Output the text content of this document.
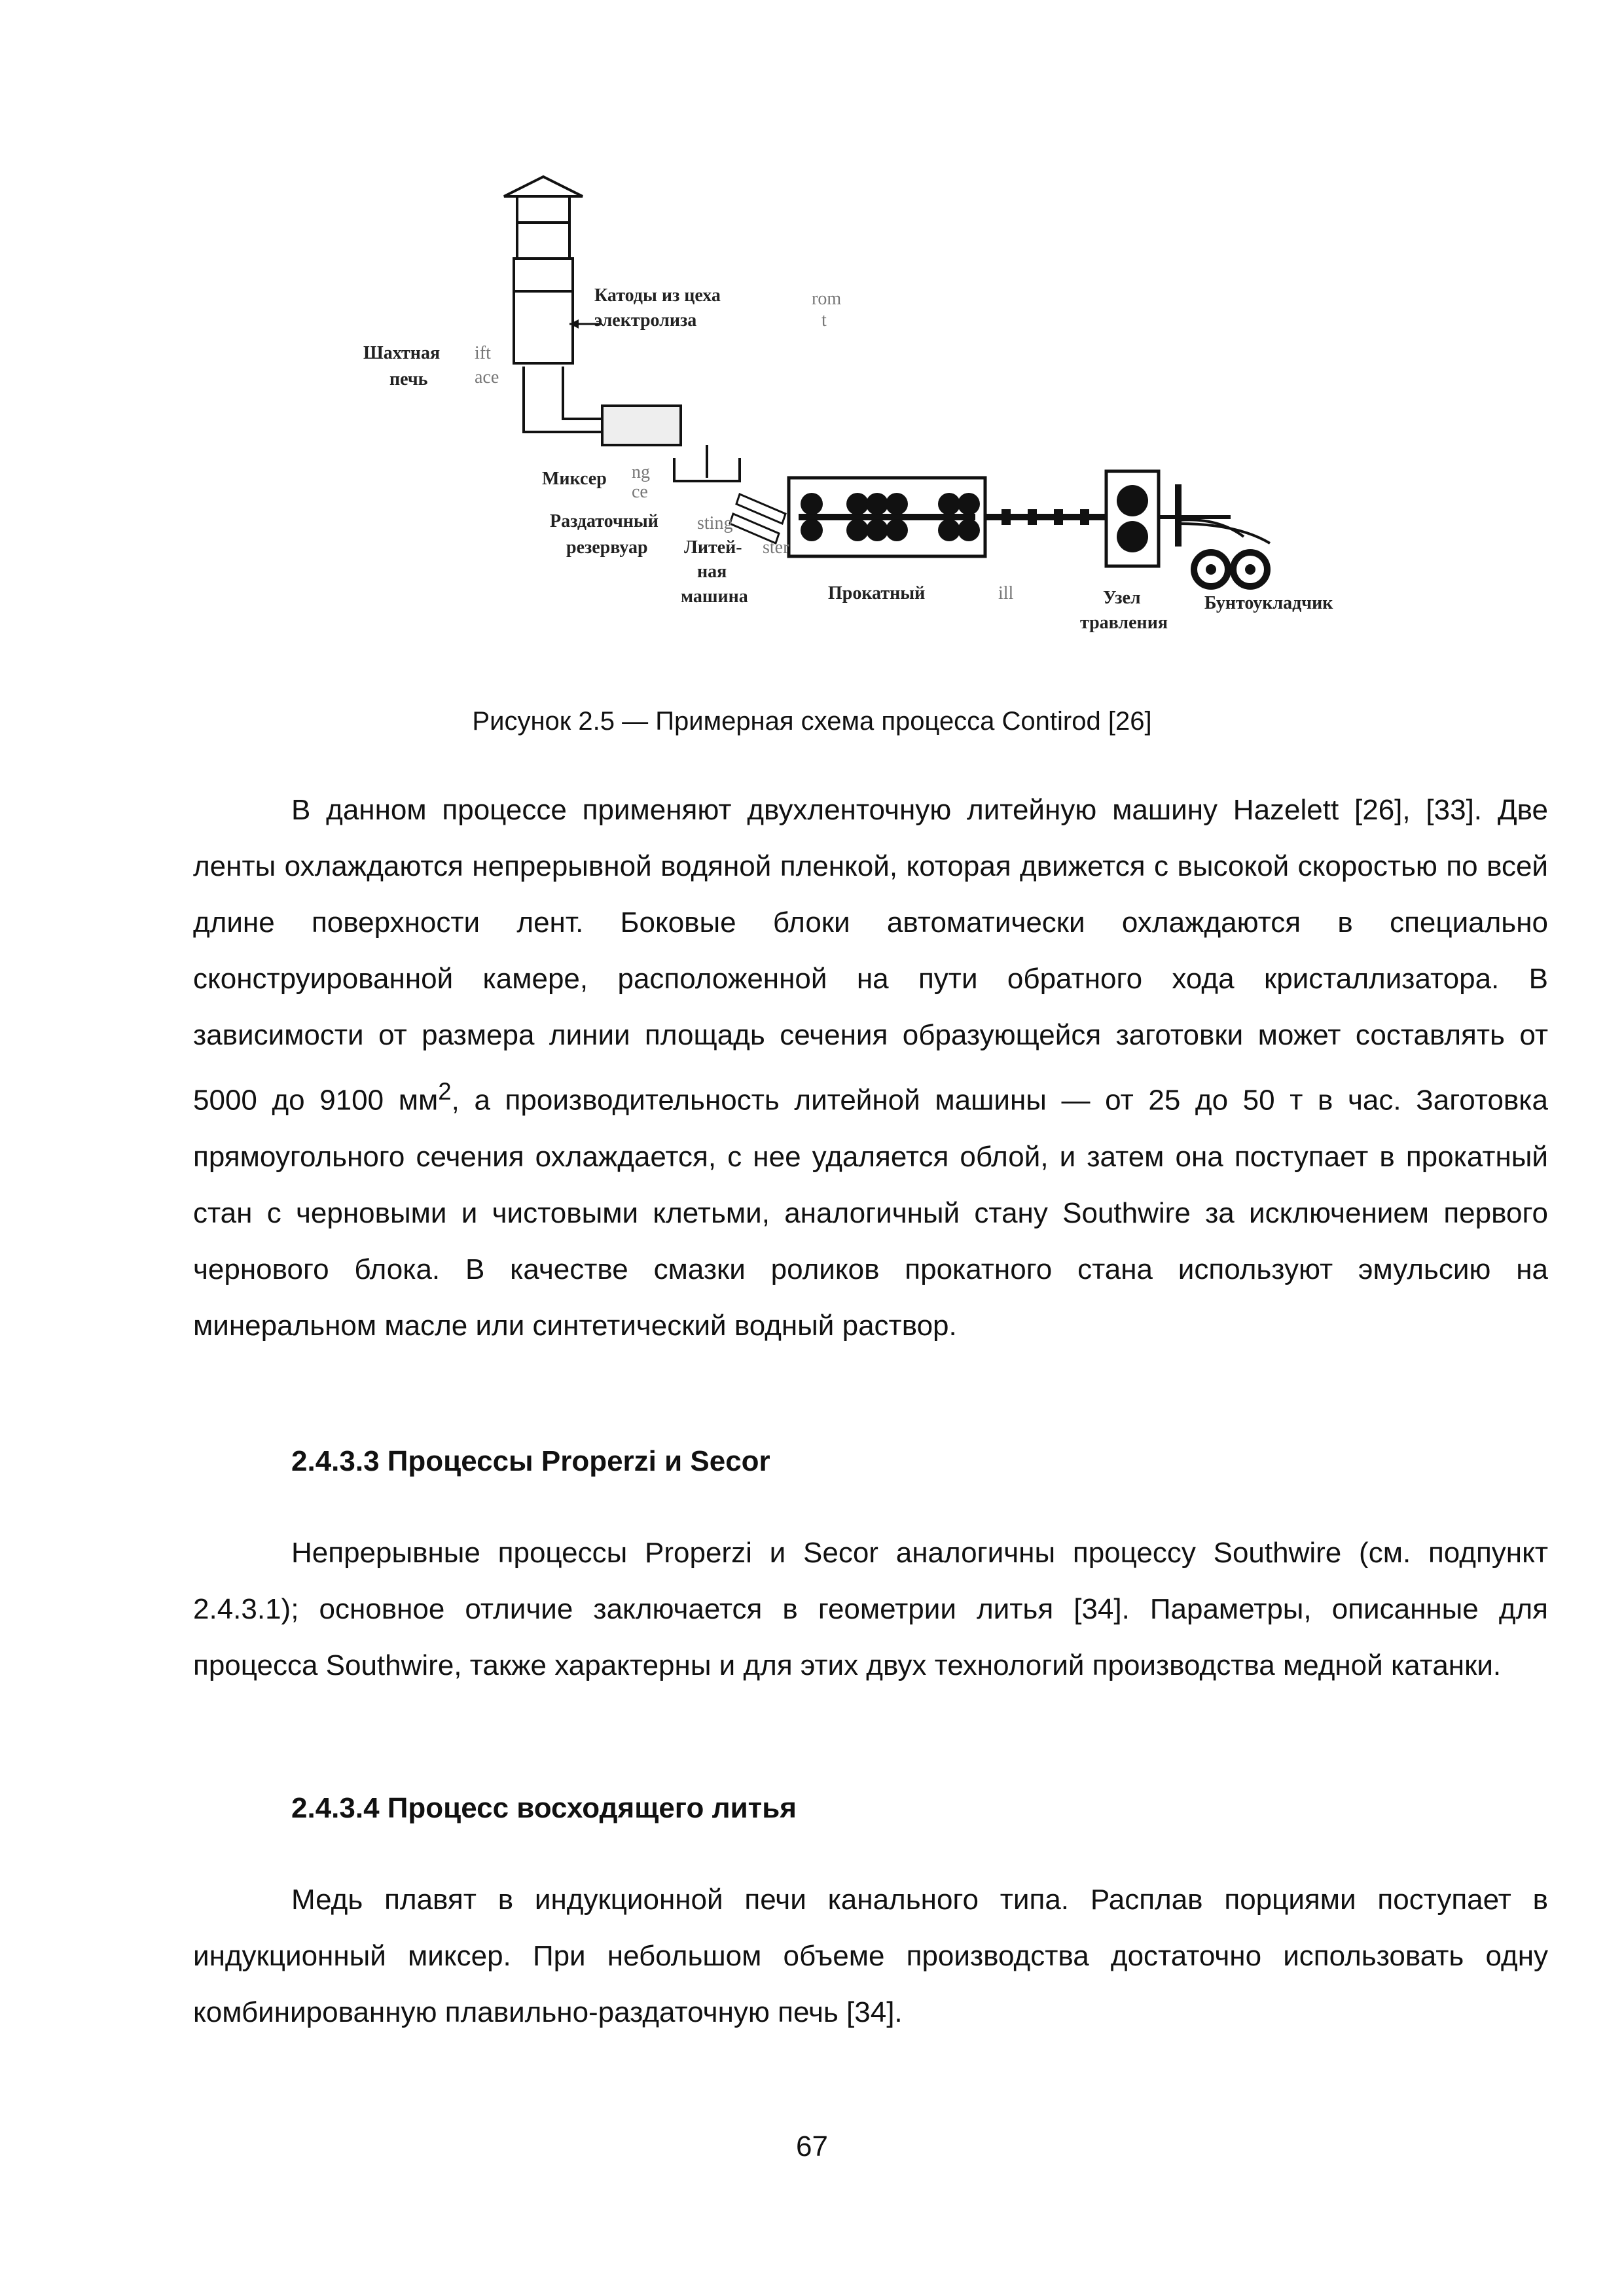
Катоды из цеха
электролиза
rom
t
Шахтная
печь
ift
ace
Миксер ng
ce
Раздаточный sting
резервуар Литей- ster
ная
машина	Прокатный	ill	Узел
травления
Бунтоукладчик
Рисунок 2.5 — Примерная схема процесса Contirod [26]

В данном процессе применяют двухленточную литейную машину Hazelett [26], [33]. Две ленты охлаждаются непрерывной водяной пленкой, которая движется с высокой скоростью по всей длине поверхности лент. Боковые блоки автоматически охлаждаются в специально сконструированной камере, расположенной на пути обратного хода кристаллизатора. В зависимости от размера линии площадь сечения образующейся заготовки может составлять от 5000 до 9100 $мм^2$, а производительность литейной машины — от 25 до 50 т в час. Заготовка прямоугольного сечения охлаждается, с нее удаляется облой, и затем она поступает в прокатный стан с черновыми и чистовыми клетьми, аналогичный стану Southwire за исключением первого чернового блока. В качестве смазки роликов прокатного стана используют эмульсию на минеральном масле или синтетический водный раствор.

2.4.3.3 Процессы Properzi и Secor

Непрерывные процессы Properzi и Secor аналогичны процессу Southwire (см. подпункт 2.4.3.1); основное отличие заключается в геометрии литья [34]. Параметры, описанные для процесса Southwire, также характерны и для этих двух технологий производства медной катанки.

2.4.3.4 Процесс восходящего литья

Медь плавят в индукционной печи канального типа. Расплав порциями поступает в индукционный миксер. При небольшом объеме производства достаточно использовать одну комбинированную плавильно-раздаточную печь [34].

67
